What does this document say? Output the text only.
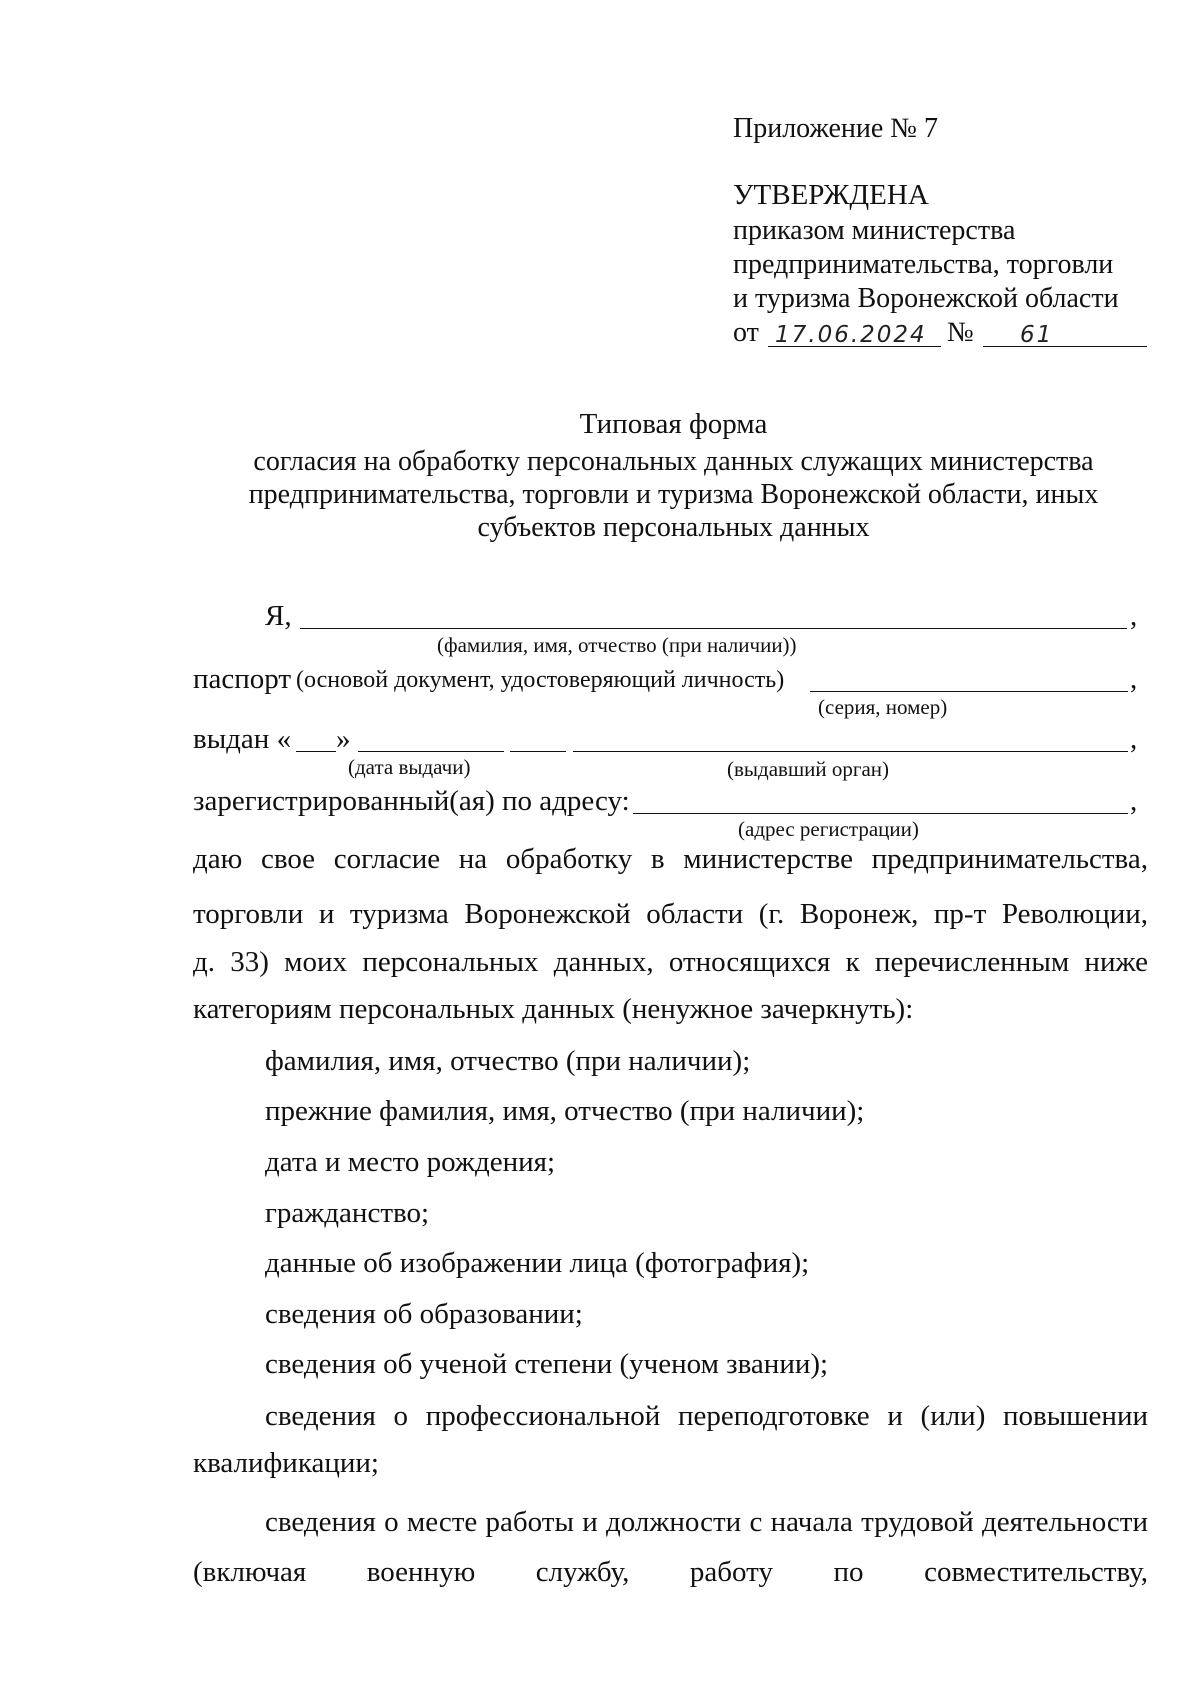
Приложение № 7
УТВЕРЖДЕНА
приказом министерства
предпринимательства, торговли
и туризма Воронежской области
от 17.06.2024 № 61
Типовая форма
согласия на обработку персональных данных служащих министерства
предпринимательства, торговли и туризма Воронежской области, иных
субъектов персональных данных
Я,	,
(фамилия, имя, отчество (при наличии))
паспорт (основой документ, удостоверяющий личность)	,
(серия, номер)
выдан « »	,
(дата выдачи)	(выдавший орган)
зарегистрированный(ая) по адресу:	,
(адрес регистрации)
даю свое согласие на обработку в министерстве предпринимательства,
торговли и туризма Воронежской области (г. Воронеж, пр-т Революции,
д. 33) моих персональных данных, относящихся к перечисленным ниже
категориям персональных данных (ненужное зачеркнуть):
фамилия, имя, отчество (при наличии);
прежние фамилия, имя, отчество (при наличии);
дата и место рождения;
гражданство;
данные об изображении лица (фотография);
сведения об образовании;
сведения об ученой степени (ученом звании);
сведения о профессиональной переподготовке и (или) повышении
квалификации;
сведения о месте работы и должности с начала трудовой деятельности
(включая военную службу, работу по совместительству,
